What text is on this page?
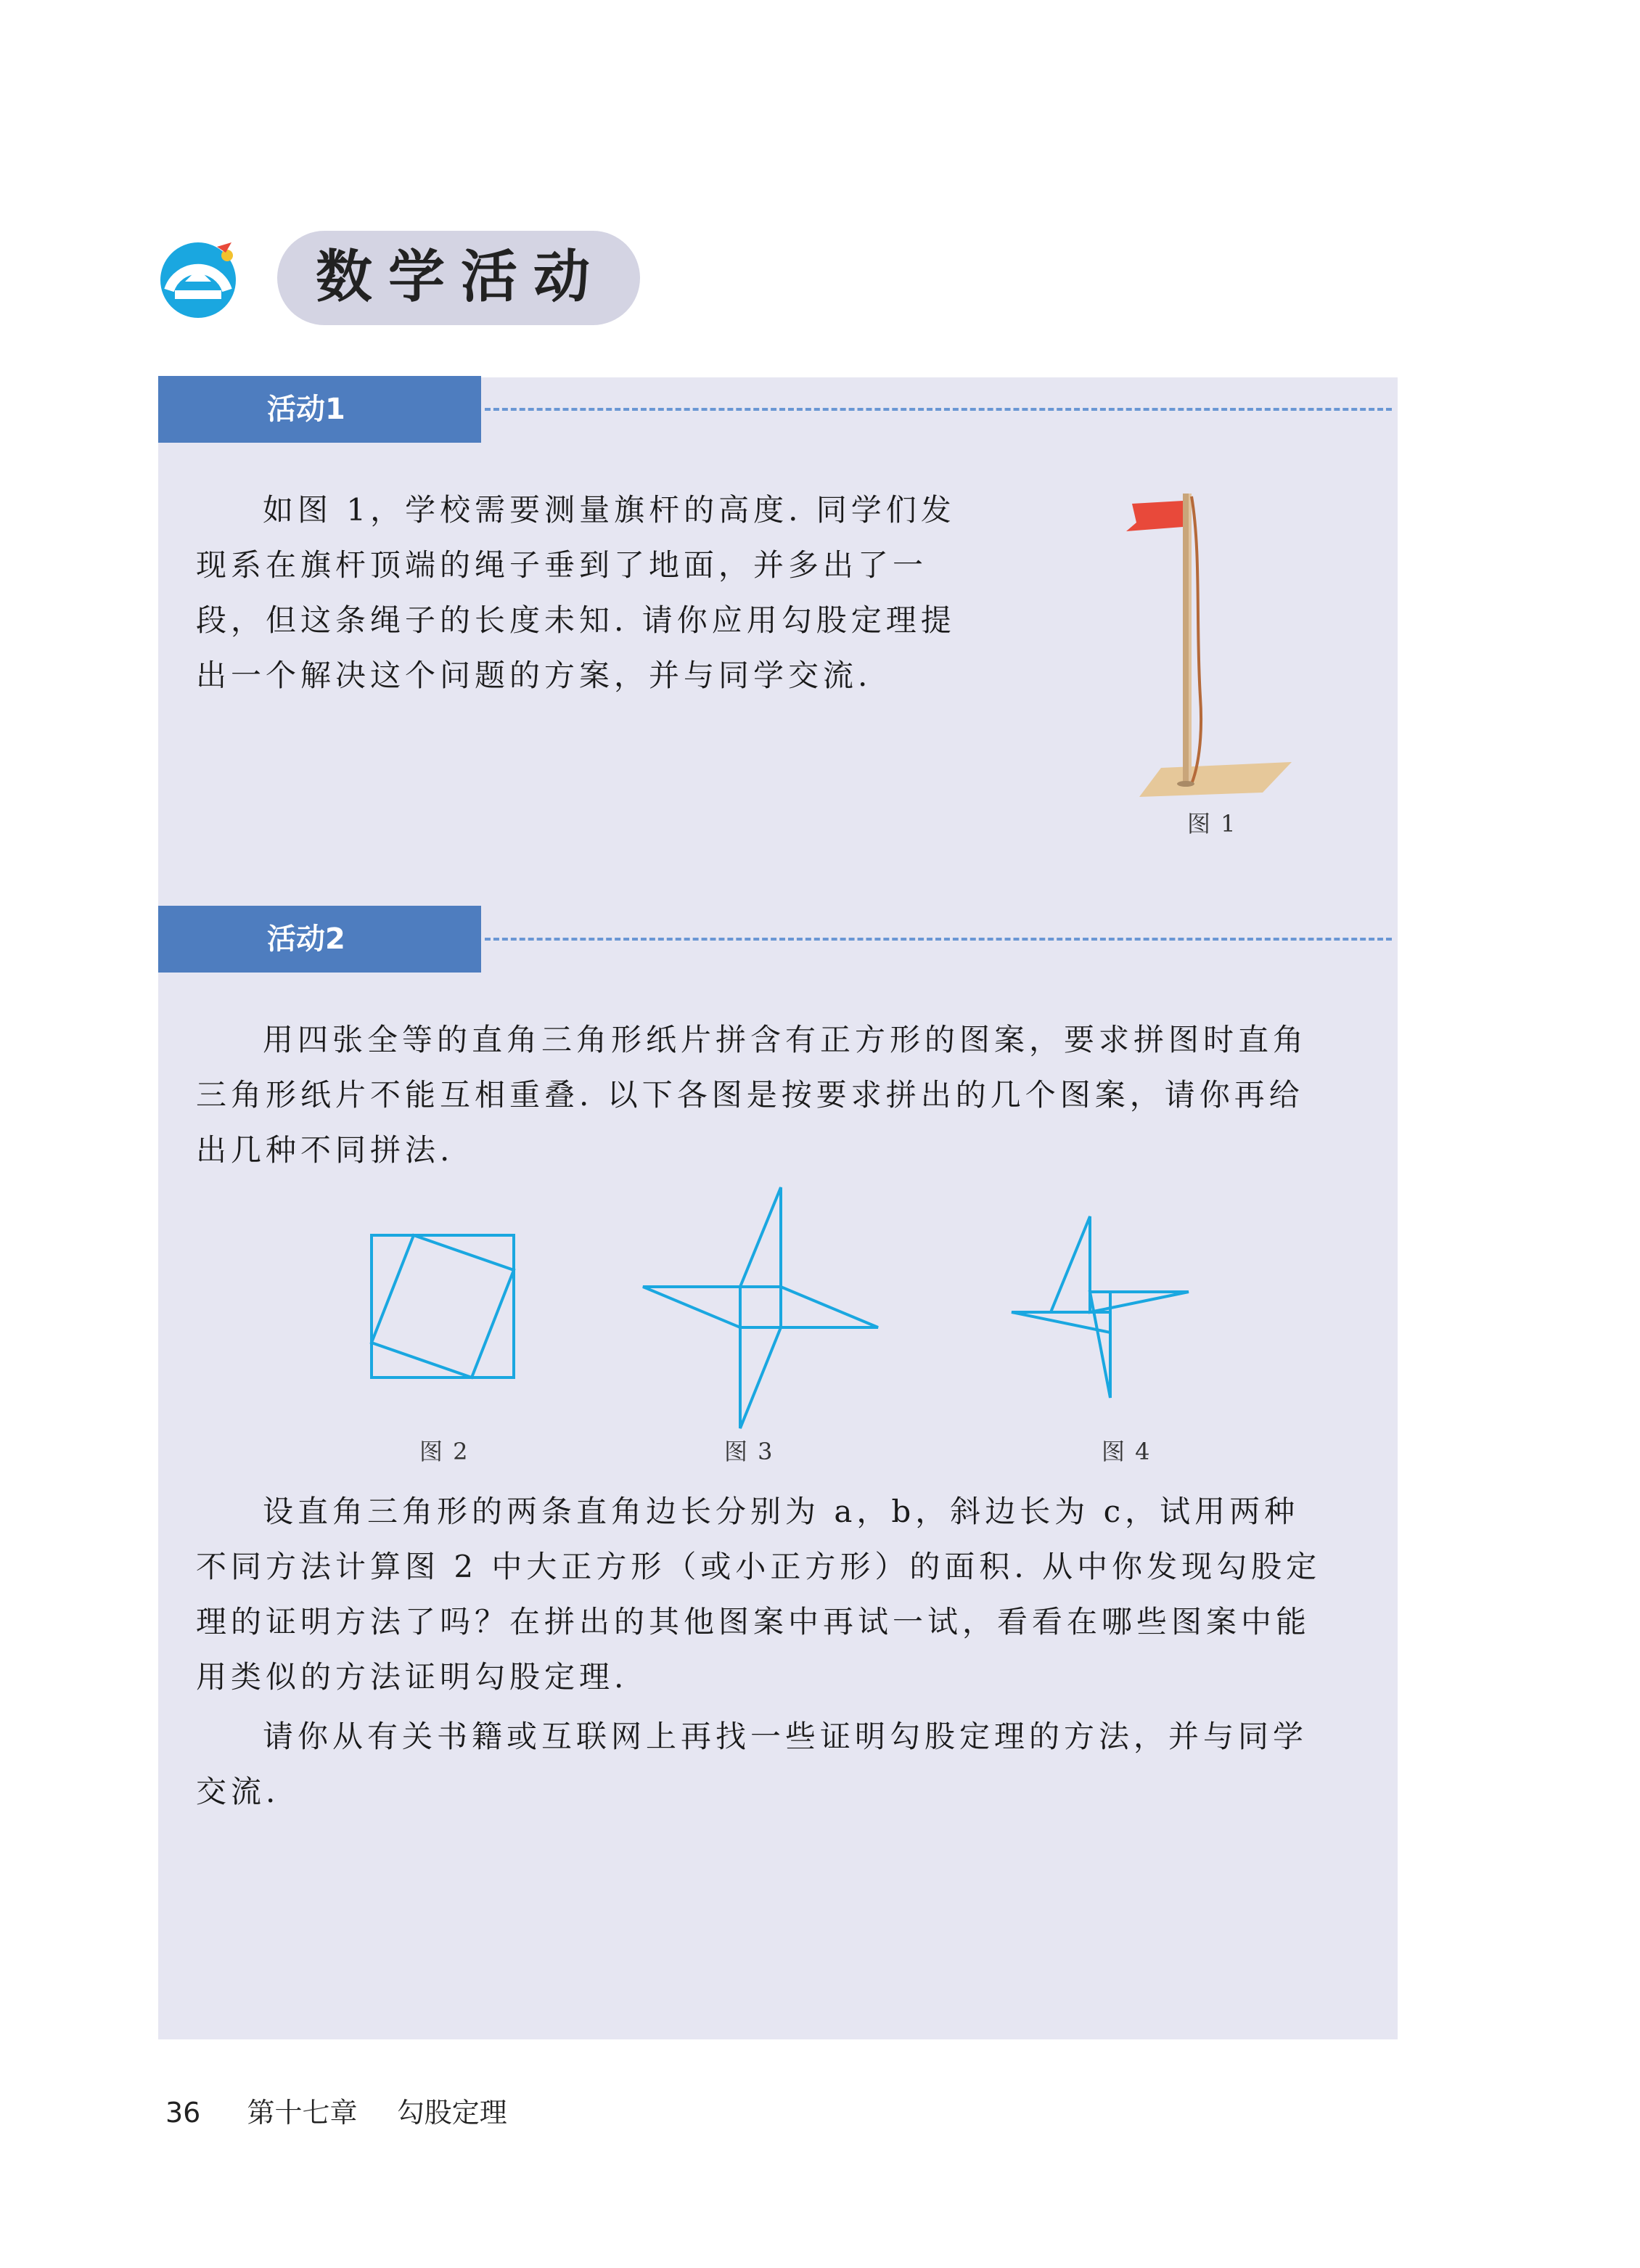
数学活动
活动1
如图 1，学校需要测量旗杆的高度. 同学们发
现系在旗杆顶端的绳子垂到了地面，并多出了一
段，但这条绳子的长度未知. 请你应用勾股定理提
出一个解决这个问题的方案，并与同学交流.
图 1
活动2
用四张全等的直角三角形纸片拼含有正方形的图案，要求拼图时直角
三角形纸片不能互相重叠. 以下各图是按要求拼出的几个图案，请你再给
出几种不同拼法.
图 2	图 3	图 4
设直角三角形的两条直角边长分别为 a，b，斜边长为 c，试用两种
不同方法计算图 2 中大正方形（或小正方形）的面积. 从中你发现勾股定
理的证明方法了吗？在拼出的其他图案中再试一试，看看在哪些图案中能
用类似的方法证明勾股定理.
请你从有关书籍或互联网上再找一些证明勾股定理的方法，并与同学
交流.
36 第十七章 勾股定理
